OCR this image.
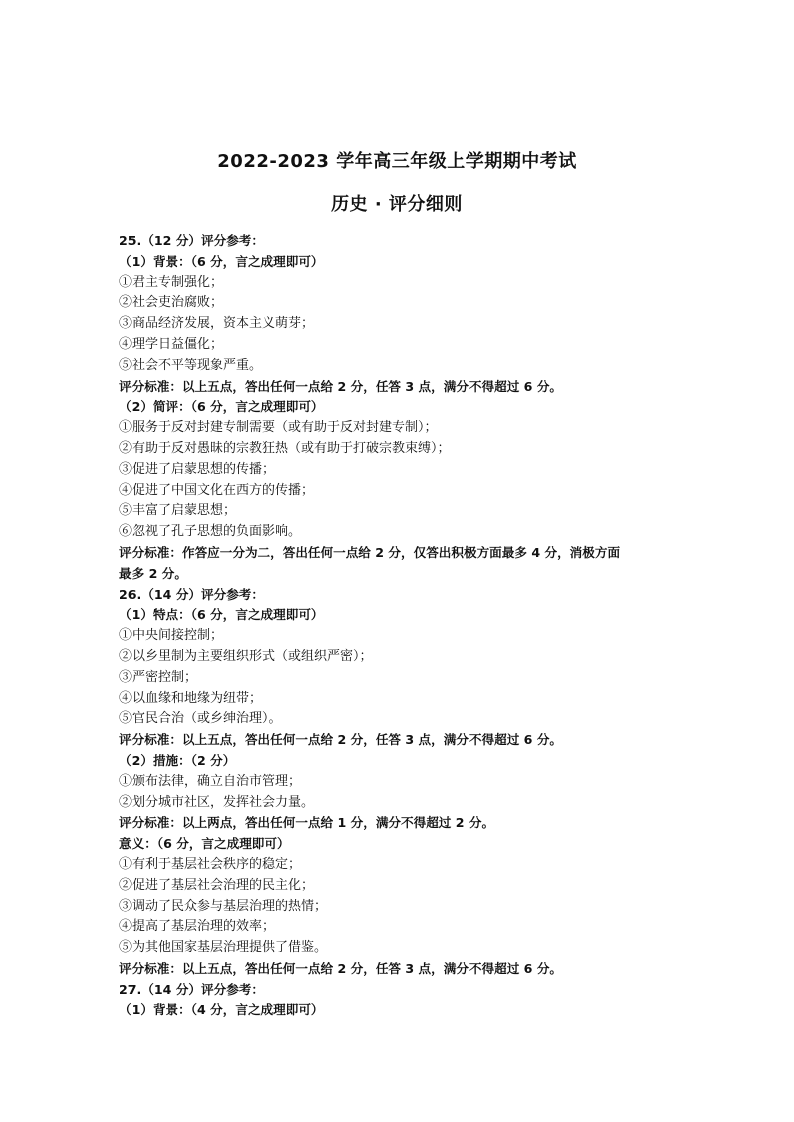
2022-2023 学年高三年级上学期期中考试
历史 · 评分细则
25.（12 分）评分参考：
（1）背景：（6 分，言之成理即可）
①君主专制强化；
②社会吏治腐败；
③商品经济发展，资本主义萌芽；
④理学日益僵化；
⑤社会不平等现象严重。
评分标准：以上五点，答出任何一点给 2 分，任答 3 点，满分不得超过 6 分。
（2）简评：（6 分，言之成理即可）
①服务于反对封建专制需要（或有助于反对封建专制）；
②有助于反对愚昧的宗教狂热（或有助于打破宗教束缚）；
③促进了启蒙思想的传播；
④促进了中国文化在西方的传播；
⑤丰富了启蒙思想；
⑥忽视了孔子思想的负面影响。
评分标准：作答应一分为二，答出任何一点给 2 分，仅答出积极方面最多 4 分，消极方面
最多 2 分。
26.（14 分）评分参考：
（1）特点：（6 分，言之成理即可）
①中央间接控制；
②以乡里制为主要组织形式（或组织严密）；
③严密控制；
④以血缘和地缘为纽带；
⑤官民合治（或乡绅治理）。
评分标准：以上五点，答出任何一点给 2 分，任答 3 点，满分不得超过 6 分。
（2）措施：（2 分）
①颁布法律，确立自治市管理；
②划分城市社区，发挥社会力量。
评分标准：以上两点，答出任何一点给 1 分，满分不得超过 2 分。
意义：（6 分，言之成理即可）
①有利于基层社会秩序的稳定；
②促进了基层社会治理的民主化；
③调动了民众参与基层治理的热情；
④提高了基层治理的效率；
⑤为其他国家基层治理提供了借鉴。
评分标准：以上五点，答出任何一点给 2 分，任答 3 点，满分不得超过 6 分。
27.（14 分）评分参考：
（1）背景：（4 分，言之成理即可）
